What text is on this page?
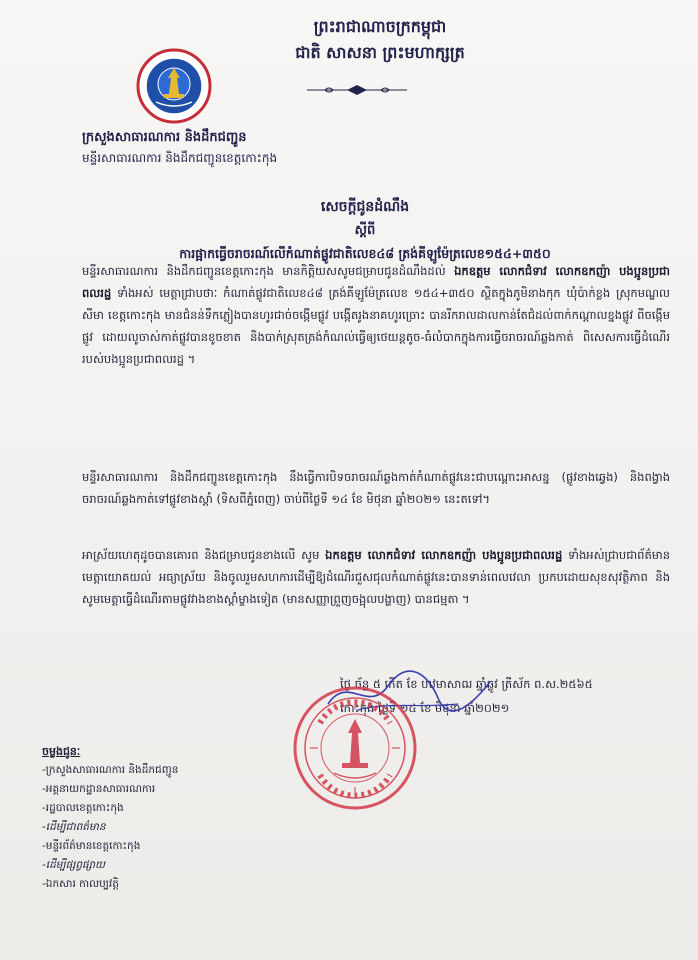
ព្រះរាជាណាចក្រកម្ពុជា
ជាតិ សាសនា ព្រះមហាក្សត្រ
ក្រសួងសាធារណការ និងដឹកជញ្ជូន
មន្ទីរសាធារណការ និងដឹកជញ្ជូនខេត្តកោះកុង
សេចក្តីជូនដំណឹង
ស្តីពី
ការផ្អាកធ្វើចរាចរណ៍លើកំណាត់ផ្លូវជាតិលេខ៤៨ ត្រង់គីឡូម៉ែត្រលេខ១៥៤+៣៥០
មន្ទីរសាធារណការ និងដឹកជញ្ជូនខេត្តកោះកុង មានកិត្តិយសសូមជម្រាបជូនដំណឹងដល់ ឯកឧត្តម លោកជំទាវ លោកឧកញ៉ា បងប្អូនប្រជាពលរដ្ឋ ទាំងអស់ មេត្តាជ្រាបថាៈ កំណាត់ផ្លូវជាតិលេខ៤៨ ត្រង់គីឡូម៉ែត្រលេខ ១៥៤+៣៥០ ស្ថិតក្នុងភូមិនាងកុក ឃុំប៉ាក់ខ្លង ស្រុកមណ្ឌលសីមា ខេត្តកោះកុង មានជំនន់ទឹកភ្លៀងបានហូរជាច់ចង្កើមផ្លូវ បង្កើតរូងនាគហូរច្រោះ បានរីករាលដាលកាន់តែជំដល់ពាក់កណ្តាលខ្នងផ្លូវ ពីចង្កើមផ្លូវ ដោយលូចាស់កាត់ផ្លូវបានខូចខាត និងបាក់ស្រុតត្រង់កំណល់ធ្វើឲ្យថេយន្តតូច-ធំលំបាកក្នុងការធ្វើចរាចរណ៍ឆ្លងកាត់ ពិសេសការធ្វើដំណើររបស់បងប្អូនប្រជាពលរដ្ឋ ។
មន្ទីរសាធារណការ និងដឹកជញ្ជូនខេត្តកោះកុង នឹងធ្វើការបិទចរាចរណ៍ឆ្លងកាត់កំណាត់ផ្លូវនេះជាបណ្តោះអាសន្ន (ផ្លូវខាងឆ្វេង) និងពង្វាងចរាចរណ៍ឆ្លងកាត់ទៅផ្លូវខាងស្តាំ (ទិសពីភ្នំពេញ) ចាប់ពីថ្ងៃទី ១៤ ខែ មិថុនា ឆ្នាំ២០២១ នេះតទៅ។
អាស្រ័យហេតុដូចបានគោរព និងជម្រាបជូនខាងលើ សូម ឯកឧត្តម លោកជំទាវ លោកឧកញ៉ា បងប្អូនប្រជាពលរដ្ឋ ទាំងអស់ជ្រាបជាព័ត៌មាន មេត្តាយោគយល់ អធ្យាស្រ័យ និងចូលរួមសហការដើម្បីឱ្យដំណើរជួសជុលកំណាត់ផ្លូវនេះបានទាន់ពេលវេលា ប្រកបដោយសុខសុវត្ថិភាព និងសូមមេត្តាធ្វើដំណើរតាមផ្លូវវាងខាងស្តាំម្ខាងទៀត (មានសញ្ញាព្រួញចង្អុលបង្ហាញ) បានជម្មតា ។
ថ្ងៃ ច័ន្ទ ៥ កើត ខែ បឋមាសាឍ ឆ្នាំឆ្លូវ ត្រីស័ក ព.ស.២៥៦៥
កោះកុង ថ្ងៃទី ១៤ ខែ មិថុនា ឆ្នាំ២០២១
ចម្លងជូនៈ
-ក្រសួងសាធារណការ និងដឹកជញ្ជូន
-អគ្គនាយកដ្ឋានសាធារណការ
-រដ្ឋបាលខេត្តកោះកុង
-ដើម្បីជាពត៌មាន
-មន្ទីរព័ត៌មានខេត្តកោះកុង
-ដើម្បីផ្សព្វផ្សាយ
-ឯកសារ កាលប្បវត្តិ
